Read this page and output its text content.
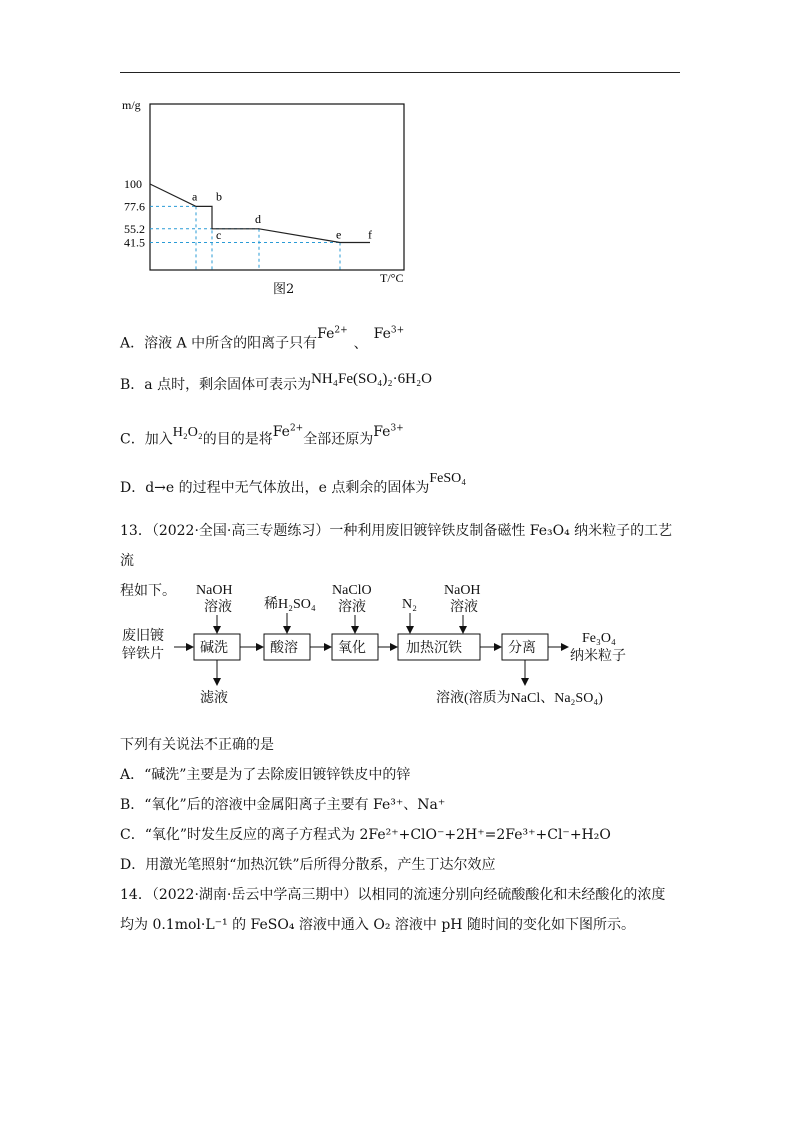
m/g
T/°C
100
77.6
55.2
41.5
a b
c
d
e f
图2
A．溶液 A 中所含的阳离子只有$Fe^{2+}$、$Fe^{3+}$
B．a 点时，剩余固体可表示为NH₄Fe(SO₄)₂·6H₂O
C．加入H₂O₂的目的是将$Fe^{2+}$全部还原为$Fe^{3+}$
D．d→e 的过程中无气体放出，e 点剩余的固体为FeSO₄
13．（2022·全国·高三专题练习）一种利用废旧镀锌铁皮制备磁性 Fe₃O₄ 纳米粒子的工艺流
程如下。
废旧镀
锌铁片
NaOH
溶液 稀H₂SO₄
NaClO
溶液	N₂
NaOH
溶液
碱洗	酸溶	氧化	加热沉铁	分离
Fe₃O₄
纳米粒子
滤液	溶液(溶质为NaCl、Na₂SO₄)
下列有关说法不正确的是
A．“碱洗”主要是为了去除废旧镀锌铁皮中的锌
B．“氧化”后的溶液中金属阳离子主要有 Fe³⁺、Na⁺
C．“氧化”时发生反应的离子方程式为 2Fe²⁺+ClO⁻+2H⁺=2Fe³⁺+Cl⁻+H₂O
D．用激光笔照射“加热沉铁”后所得分散系，产生丁达尔效应
14．（2022·湖南·岳云中学高三期中）以相同的流速分别向经硫酸酸化和未经酸化的浓度
均为 0.1mol·L⁻¹ 的 FeSO₄ 溶液中通入 O₂ 溶液中 pH 随时间的变化如下图所示。
